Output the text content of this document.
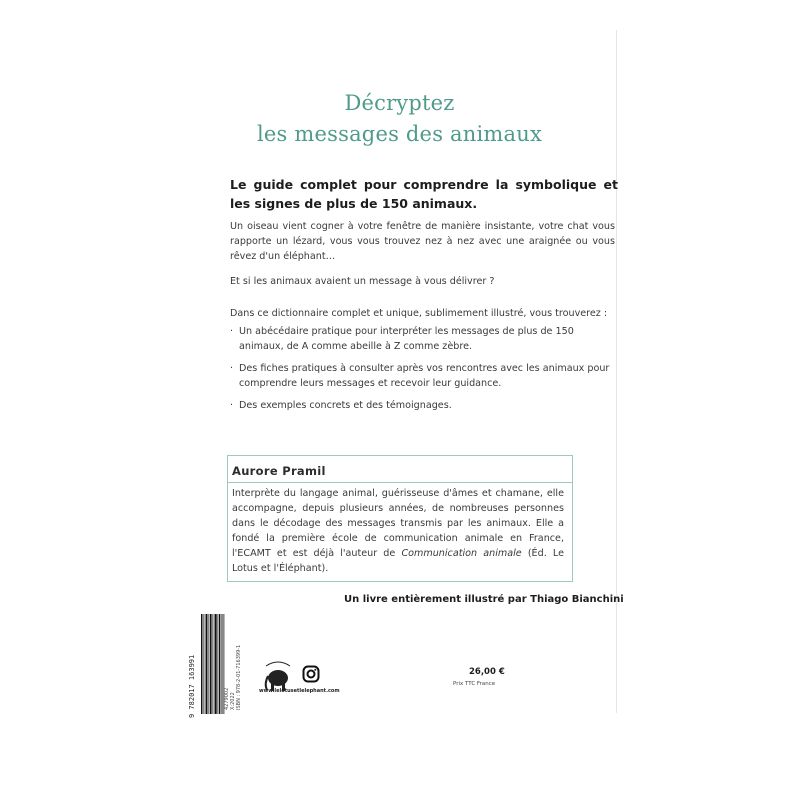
Décryptez
les messages des animaux
Le guide complet pour comprendre la symbolique et les signes de plus de 150 animaux.
Un oiseau vient cogner à votre fenêtre de manière insistante, votre chat vous rapporte un lézard, vous vous trouvez nez à nez avec une araignée ou vous rêvez d'un éléphant…
Et si les animaux avaient un message à vous délivrer ?
Dans ce dictionnaire complet et unique, sublimement illustré, vous trouverez :
· Un abécédaire pratique pour interpréter les messages de plus de 150 animaux, de A comme abeille à Z comme zèbre.
· Des fiches pratiques à consulter après vos rencontres avec les animaux pour comprendre leurs messages et recevoir leur guidance.
· Des exemples concrets et des témoignages.
Aurore Pramil
Interprète du langage animal, guérisseuse d'âmes et chamane, elle accompagne, depuis plusieurs années, de nombreuses personnes dans le décodage des messages transmis par les animaux. Elle a fondé la première école de communication animale en France, l'ECAMT et est déjà l'auteur de Communication animale (Éd. Le Lotus et l'Éléphant).
Un livre entièrement illustré par Thiago Bianchini
9 782017 163991	4279002 X:2022 ISBN : 978-2-01-716399-1	www.lelotusetlelephant.com
26,00 €
Prix TTC France
